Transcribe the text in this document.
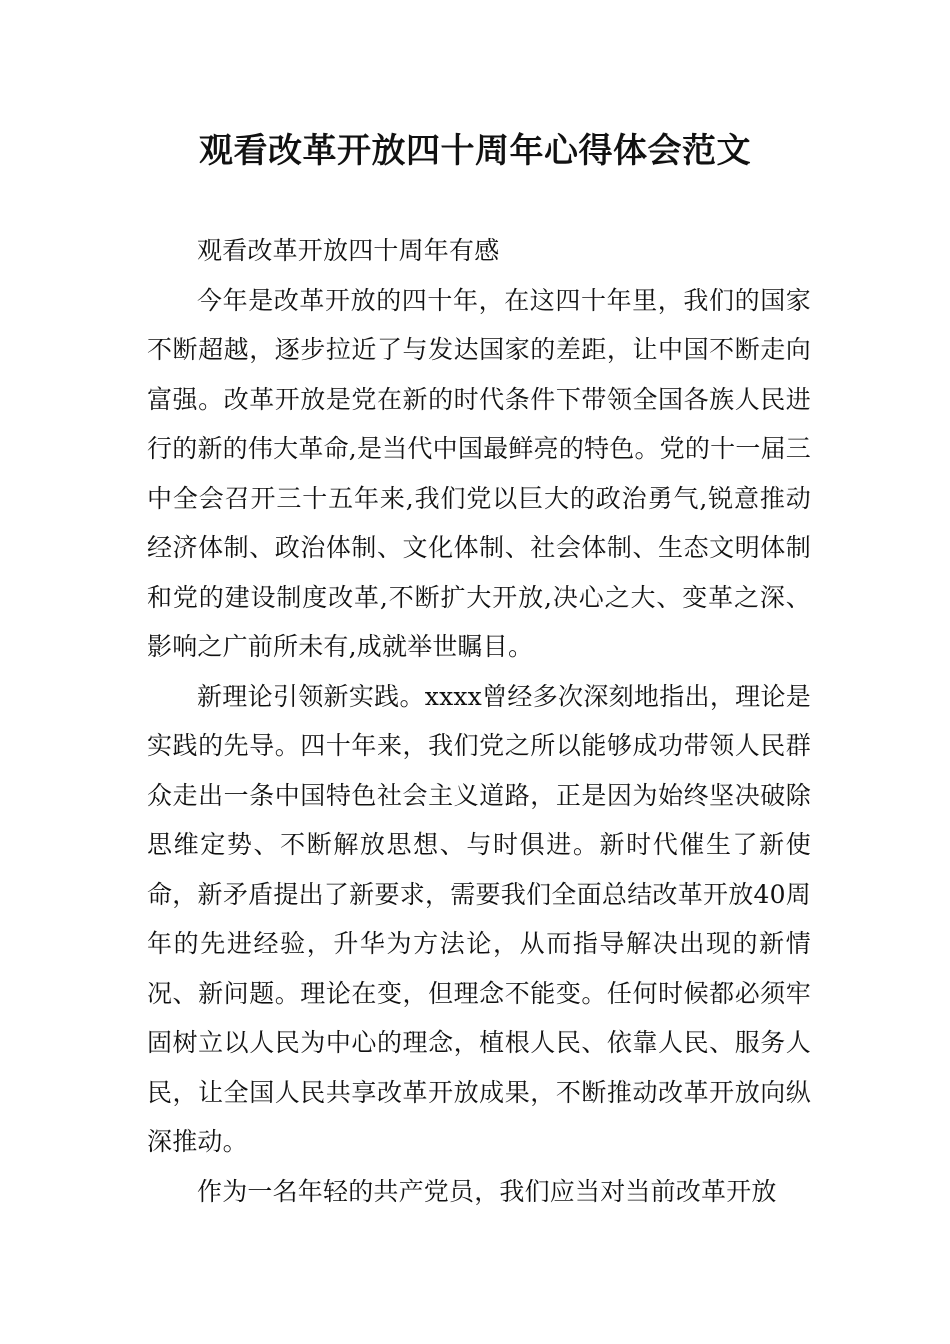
观看改革开放四十周年心得体会范文

观看改革开放四十周年有感

今年是改革开放的四十年，在这四十年里，我们的国家不断超越，逐步拉近了与发达国家的差距，让中国不断走向富强。改革开放是党在新的时代条件下带领全国各族人民进行的新的伟大革命,是当代中国最鲜亮的特色。党的十一届三中全会召开三十五年来,我们党以巨大的政治勇气,锐意推动经济体制、政治体制、文化体制、社会体制、生态文明体制和党的建设制度改革,不断扩大开放,决心之大、变革之深、影响之广前所未有,成就举世瞩目。

新理论引领新实践。xxxx曾经多次深刻地指出，理论是实践的先导。四十年来，我们党之所以能够成功带领人民群众走出一条中国特色社会主义道路，正是因为始终坚决破除思维定势、不断解放思想、与时俱进。新时代催生了新使命，新矛盾提出了新要求，需要我们全面总结改革开放40周年的先进经验，升华为方法论，从而指导解决出现的新情况、新问题。理论在变，但理念不能变。任何时候都必须牢固树立以人民为中心的理念，植根人民、依靠人民、服务人民，让全国人民共享改革开放成果，不断推动改革开放向纵深推动。

作为一名年轻的共产党员，我们应当对当前改革开放
